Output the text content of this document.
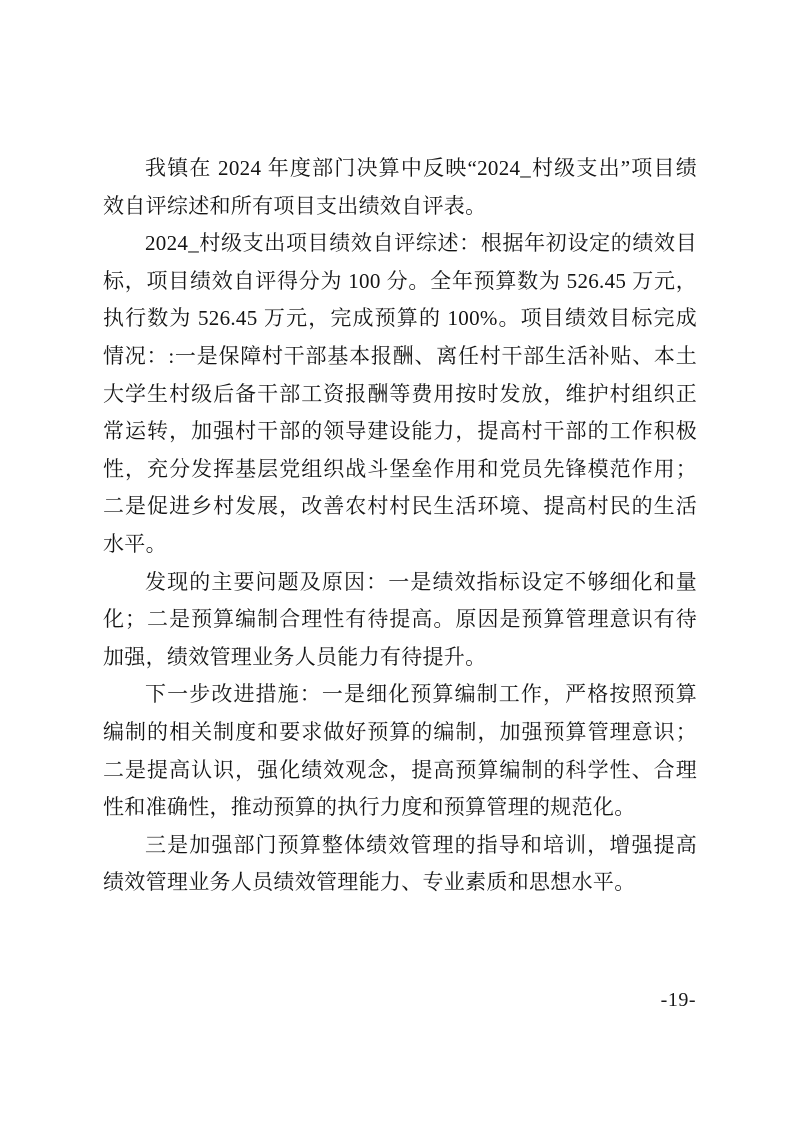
我镇在 2024 年度部门决算中反映“2024_村级支出”项目绩效自评综述和所有项目支出绩效自评表。

2024_村级支出项目绩效自评综述：根据年初设定的绩效目标，项目绩效自评得分为 100 分。全年预算数为 526.45 万元，执行数为 526.45 万元，完成预算的 100%。项目绩效目标完成情况：:一是保障村干部基本报酬、离任村干部生活补贴、本土大学生村级后备干部工资报酬等费用按时发放，维护村组织正常运转，加强村干部的领导建设能力，提高村干部的工作积极性，充分发挥基层党组织战斗堡垒作用和党员先锋模范作用；二是促进乡村发展，改善农村村民生活环境、提高村民的生活水平。

发现的主要问题及原因：一是绩效指标设定不够细化和量化；二是预算编制合理性有待提高。原因是预算管理意识有待加强，绩效管理业务人员能力有待提升。

下一步改进措施：一是细化预算编制工作，严格按照预算编制的相关制度和要求做好预算的编制，加强预算管理意识；二是提高认识，强化绩效观念，提高预算编制的科学性、合理性和准确性，推动预算的执行力度和预算管理的规范化。

三是加强部门预算整体绩效管理的指导和培训，增强提高绩效管理业务人员绩效管理能力、专业素质和思想水平。

-19-
